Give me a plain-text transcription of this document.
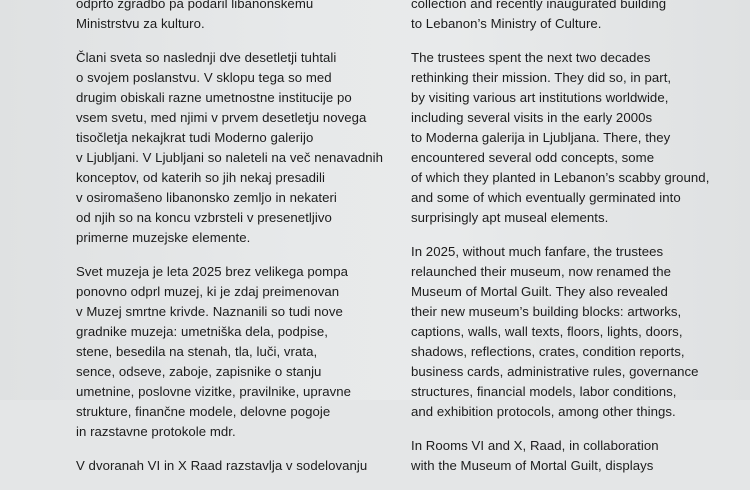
odprto zgradbo pa podaril libanonskemu
Ministrstvu za kulturo.

Člani sveta so naslednji dve desetletji tuhtali
o svojem poslanstvu. V sklopu tega so med
drugim obiskali razne umetnostne institucije po
vsem svetu, med njimi v prvem desetletju novega
tisočletja nekajkrat tudi Moderno galerijo
v Ljubljani. V Ljubljani so naleteli na več nenavadnih
konceptov, od katerih so jih nekaj presadili
v osiromašeno libanonsko zemljo in nekateri
od njih so na koncu vzbrsteli v presenetljivo
primerne muzejske elemente.

Svet muzeja je leta 2025 brez velikega pompa
ponovno odprl muzej, ki je zdaj preimenovan
v Muzej smrtne krivde. Naznanili so tudi nove
gradnike muzeja: umetniška dela, podpise,
stene, besedila na stenah, tla, luči, vrata,
sence, odseve, zaboje, zapisnike o stanju
umetnine, poslovne vizitke, pravilnike, upravne
strukture, finančne modele, delovne pogoje
in razstavne protokole mdr.

V dvoranah VI in X Raad razstavlja v sodelovanju

collection and recently inaugurated building
to Lebanon’s Ministry of Culture.

The trustees spent the next two decades
rethinking their mission. They did so, in part,
by visiting various art institutions worldwide,
including several visits in the early 2000s
to Moderna galerija in Ljubljana. There, they
encountered several odd concepts, some
of which they planted in Lebanon’s scabby ground,
and some of which eventually germinated into
surprisingly apt museal elements.

In 2025, without much fanfare, the trustees
relaunched their museum, now renamed the
Museum of Mortal Guilt. They also revealed
their new museum’s building blocks: artworks,
captions, walls, wall texts, floors, lights, doors,
shadows, reflections, crates, condition reports,
business cards, administrative rules, governance
structures, financial models, labor conditions,
and exhibition protocols, among other things.

In Rooms VI and X, Raad, in collaboration
with the Museum of Mortal Guilt, displays
